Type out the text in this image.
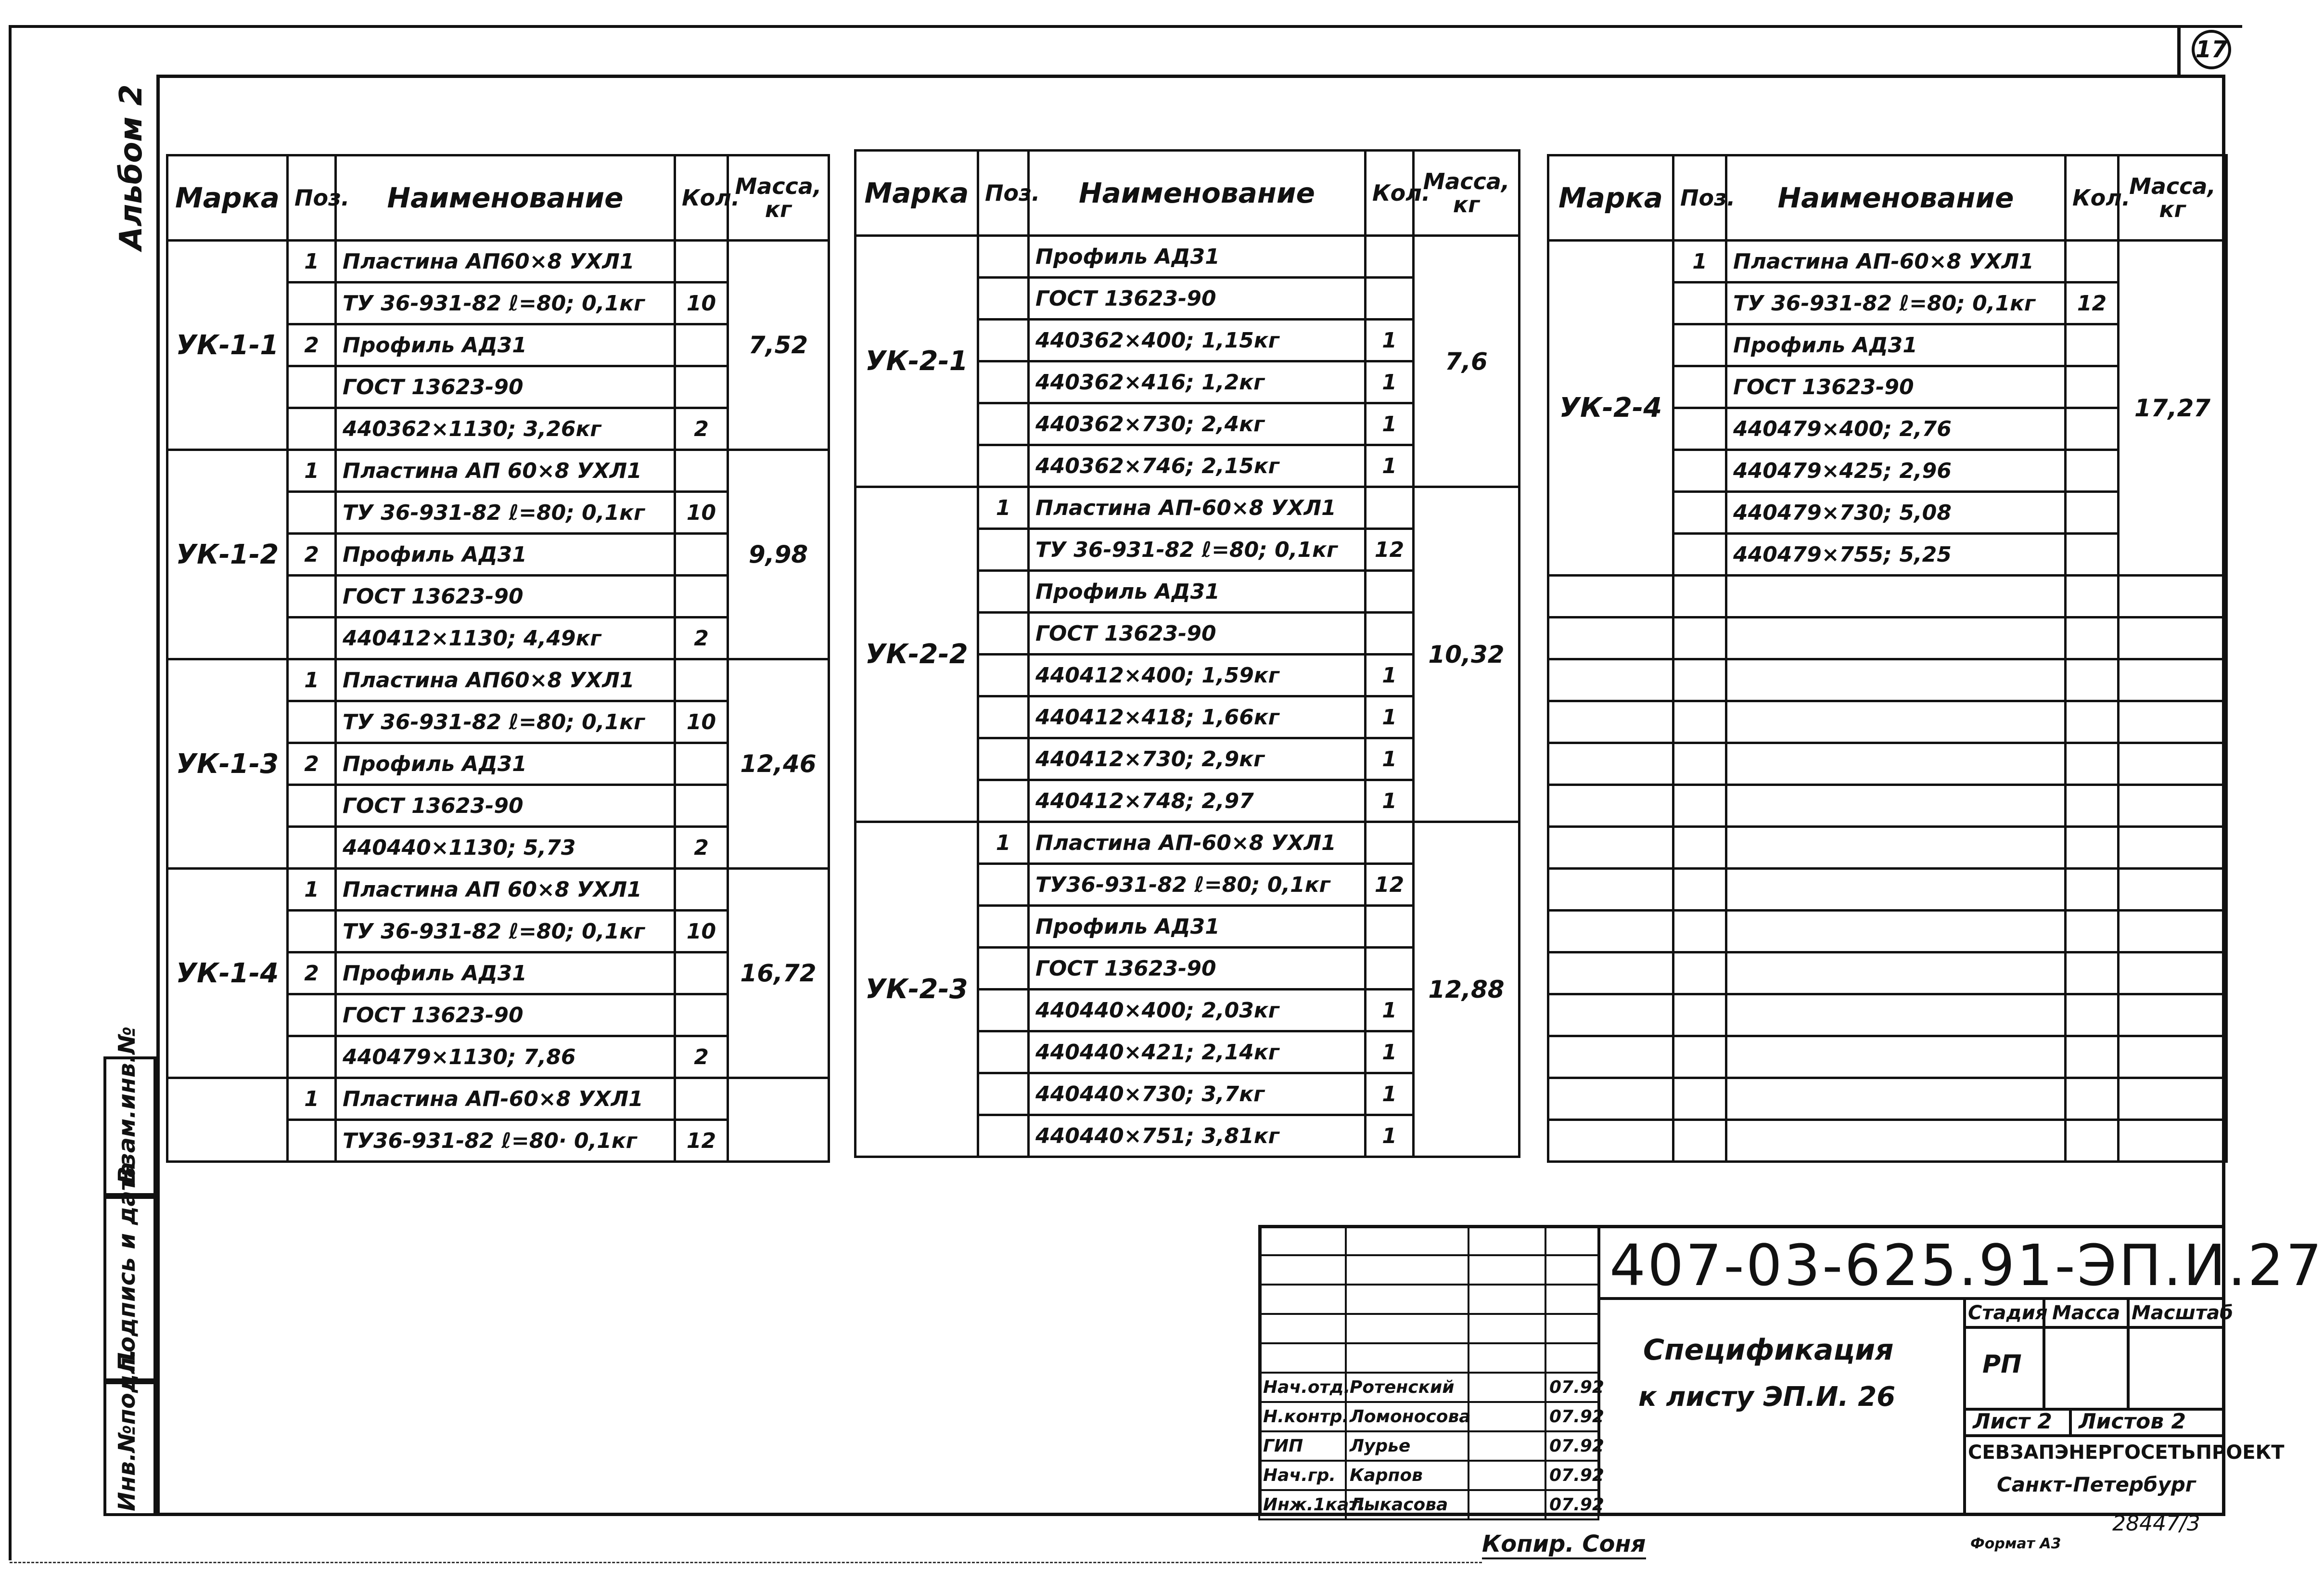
17
Альбом 2
Взам.инв.№
Подпись и дата
Инв.№подл.
Марка	Поз.	Наименование	Кол.	Масса, кг
УК-1-1	1	Пластина АП60×8 УХЛ1		7,52
		ТУ 36-931-82 ℓ=80; 0,1кг	10	
	2	Профиль АД31		
		ГОСТ 13623-90		
		440362×1130; 3,26кг	2	
УК-1-2	1	Пластина АП 60×8 УХЛ1		9,98
		ТУ 36-931-82 ℓ=80; 0,1кг	10	
	2	Профиль АД31		
		ГОСТ 13623-90		
		440412×1130; 4,49кг	2	
УК-1-3	1	Пластина АП60×8 УХЛ1		12,46
		ТУ 36-931-82 ℓ=80; 0,1кг	10	
	2	Профиль АД31		
		ГОСТ 13623-90		
		440440×1130; 5,73	2	
УК-1-4	1	Пластина АП 60×8 УХЛ1		16,72
		ТУ 36-931-82 ℓ=80; 0,1кг	10	
	2	Профиль АД31		
		ГОСТ 13623-90		
		440479×1130; 7,86	2	
	1	Пластина АП-60×8 УХЛ1		
		ТУ36-931-82 ℓ=80· 0,1кг	12	
Марка	Поз.	Наименование	Кол.	Масса, кг
УК-2-1		Профиль АД31		7,6
		ГОСТ 13623-90		
		440362×400; 1,15кг	1	
		440362×416; 1,2кг	1	
		440362×730; 2,4кг	1	
		440362×746; 2,15кг	1	
УК-2-2	1	Пластина АП-60×8 УХЛ1		10,32
		ТУ 36-931-82 ℓ=80; 0,1кг	12	
		Профиль АД31		
		ГОСТ 13623-90		
		440412×400; 1,59кг	1	
		440412×418; 1,66кг	1	
		440412×730; 2,9кг	1	
		440412×748; 2,97	1	
УК-2-3	1	Пластина АП-60×8 УХЛ1		12,88
		ТУ36-931-82 ℓ=80; 0,1кг	12	
		Профиль АД31		
		ГОСТ 13623-90		
		440440×400; 2,03кг	1	
		440440×421; 2,14кг	1	
		440440×730; 3,7кг	1	
		440440×751; 3,81кг	1	
Марка	Поз.	Наименование	Кол.	Масса, кг
УК-2-4	1	Пластина АП-60×8 УХЛ1		17,27
		ТУ 36-931-82 ℓ=80; 0,1кг	12	
		Профиль АД31		
		ГОСТ 13623-90		
		440479×400; 2,76		
		440479×425; 2,96		
		440479×730; 5,08		
		440479×755; 5,25		

407-03-625.91-ЭП.И.27

Нач.отд.	Ротенский		07.92
Н.контр.	Ломоносова		07.92
ГИП	Лурье		07.92
Нач.гр.	Карпов		07.92
Инж.1кат.	Лыкасова		07.92
Спецификация
к листу ЭП.И. 26
Стадия Масса Масштаб
РП
Лист 2 Листов 2
СЕВЗАПЭНЕРГОСЕТЬПРОЕКТ
Санкт-Петербург
Копир. Соня
28447/3
Формат А3
